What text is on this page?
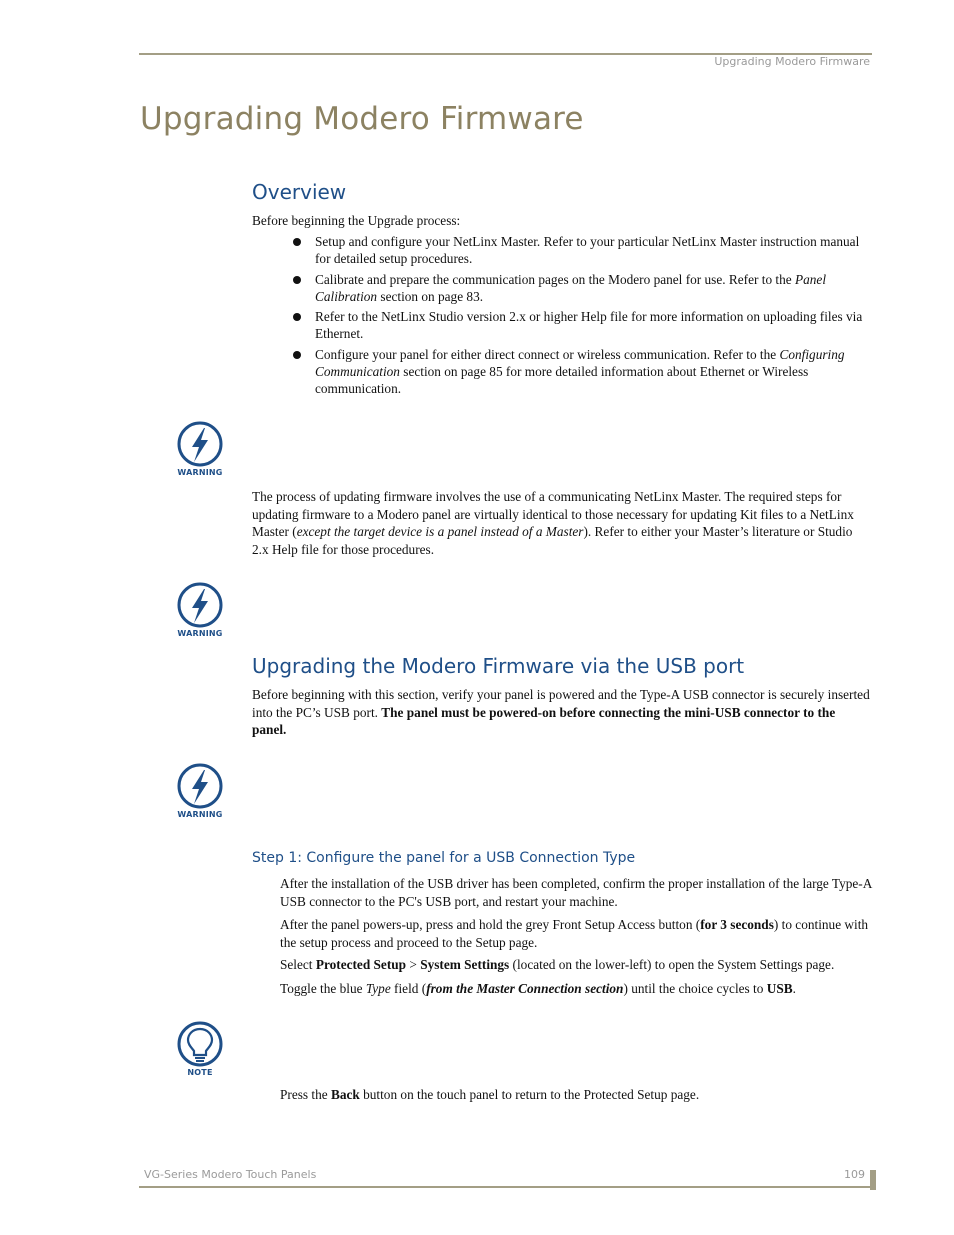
Upgrading Modero Firmware
Upgrading Modero Firmware
Overview
Before beginning the Upgrade process:
Setup and configure your NetLinx Master. Refer to your particular NetLinx Master instruction manual for detailed setup procedures.
Calibrate and prepare the communication pages on the Modero panel for use. Refer to the Panel Calibration section on page 83.
Refer to the NetLinx Studio version 2.x or higher Help file for more information on uploading files via Ethernet.
Configure your panel for either direct connect or wireless communication. Refer to the Configuring Communication section on page 85 for more detailed information about Ethernet or Wireless communication.
WARNING
The process of updating firmware involves the use of a communicating NetLinx Master. The required steps for updating firmware to a Modero panel are virtually identical to those necessary for updating Kit files to a NetLinx Master (except the target device is a panel instead of a Master). Refer to either your Master’s literature or Studio 2.x Help file for those procedures.
WARNING
Upgrading the Modero Firmware via the USB port
Before beginning with this section, verify your panel is powered and the Type-A USB connector is securely inserted into the PC’s USB port. The panel must be powered-on before connecting the mini-USB connector to the panel.
WARNING
Step 1: Configure the panel for a USB Connection Type
After the installation of the USB driver has been completed, confirm the proper installation of the large Type-A USB connector to the PC's USB port, and restart your machine.
After the panel powers-up, press and hold the grey Front Setup Access button (for 3 seconds) to continue with the setup process and proceed to the Setup page.
Select Protected Setup > System Settings (located on the lower-left) to open the System Settings page.
Toggle the blue Type field (from the Master Connection section) until the choice cycles to USB.
NOTE
Press the Back button on the touch panel to return to the Protected Setup page.
VG-Series Modero Touch Panels	109
